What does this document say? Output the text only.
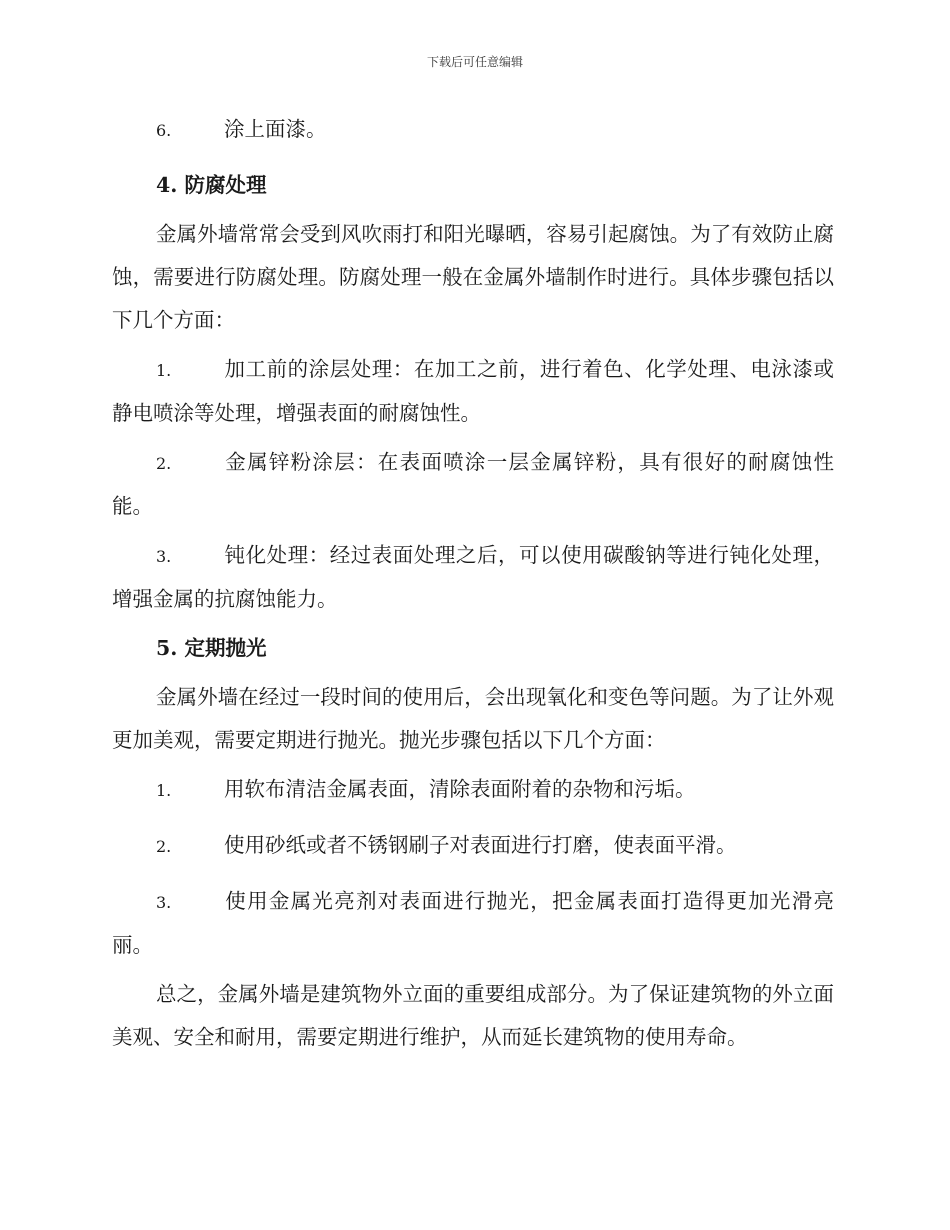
下载后可任意编辑
6.	涂上面漆。
4. 防腐处理
金属外墙常常会受到风吹雨打和阳光曝晒，容易引起腐蚀。为了有效防止腐蚀，需要进行防腐处理。防腐处理一般在金属外墙制作时进行。具体步骤包括以下几个方面：
1.	加工前的涂层处理：在加工之前，进行着色、化学处理、电泳漆或静电喷涂等处理，增强表面的耐腐蚀性。
2.	金属锌粉涂层：在表面喷涂一层金属锌粉，具有很好的耐腐蚀性能。
3.	钝化处理：经过表面处理之后，可以使用碳酸钠等进行钝化处理，增强金属的抗腐蚀能力。
5. 定期抛光
金属外墙在经过一段时间的使用后，会出现氧化和变色等问题。为了让外观更加美观，需要定期进行抛光。抛光步骤包括以下几个方面：
1.	用软布清洁金属表面，清除表面附着的杂物和污垢。
2.	使用砂纸或者不锈钢刷子对表面进行打磨，使表面平滑。
3.	使用金属光亮剂对表面进行抛光，把金属表面打造得更加光滑亮丽。
总之，金属外墙是建筑物外立面的重要组成部分。为了保证建筑物的外立面美观、安全和耐用，需要定期进行维护，从而延长建筑物的使用寿命。
